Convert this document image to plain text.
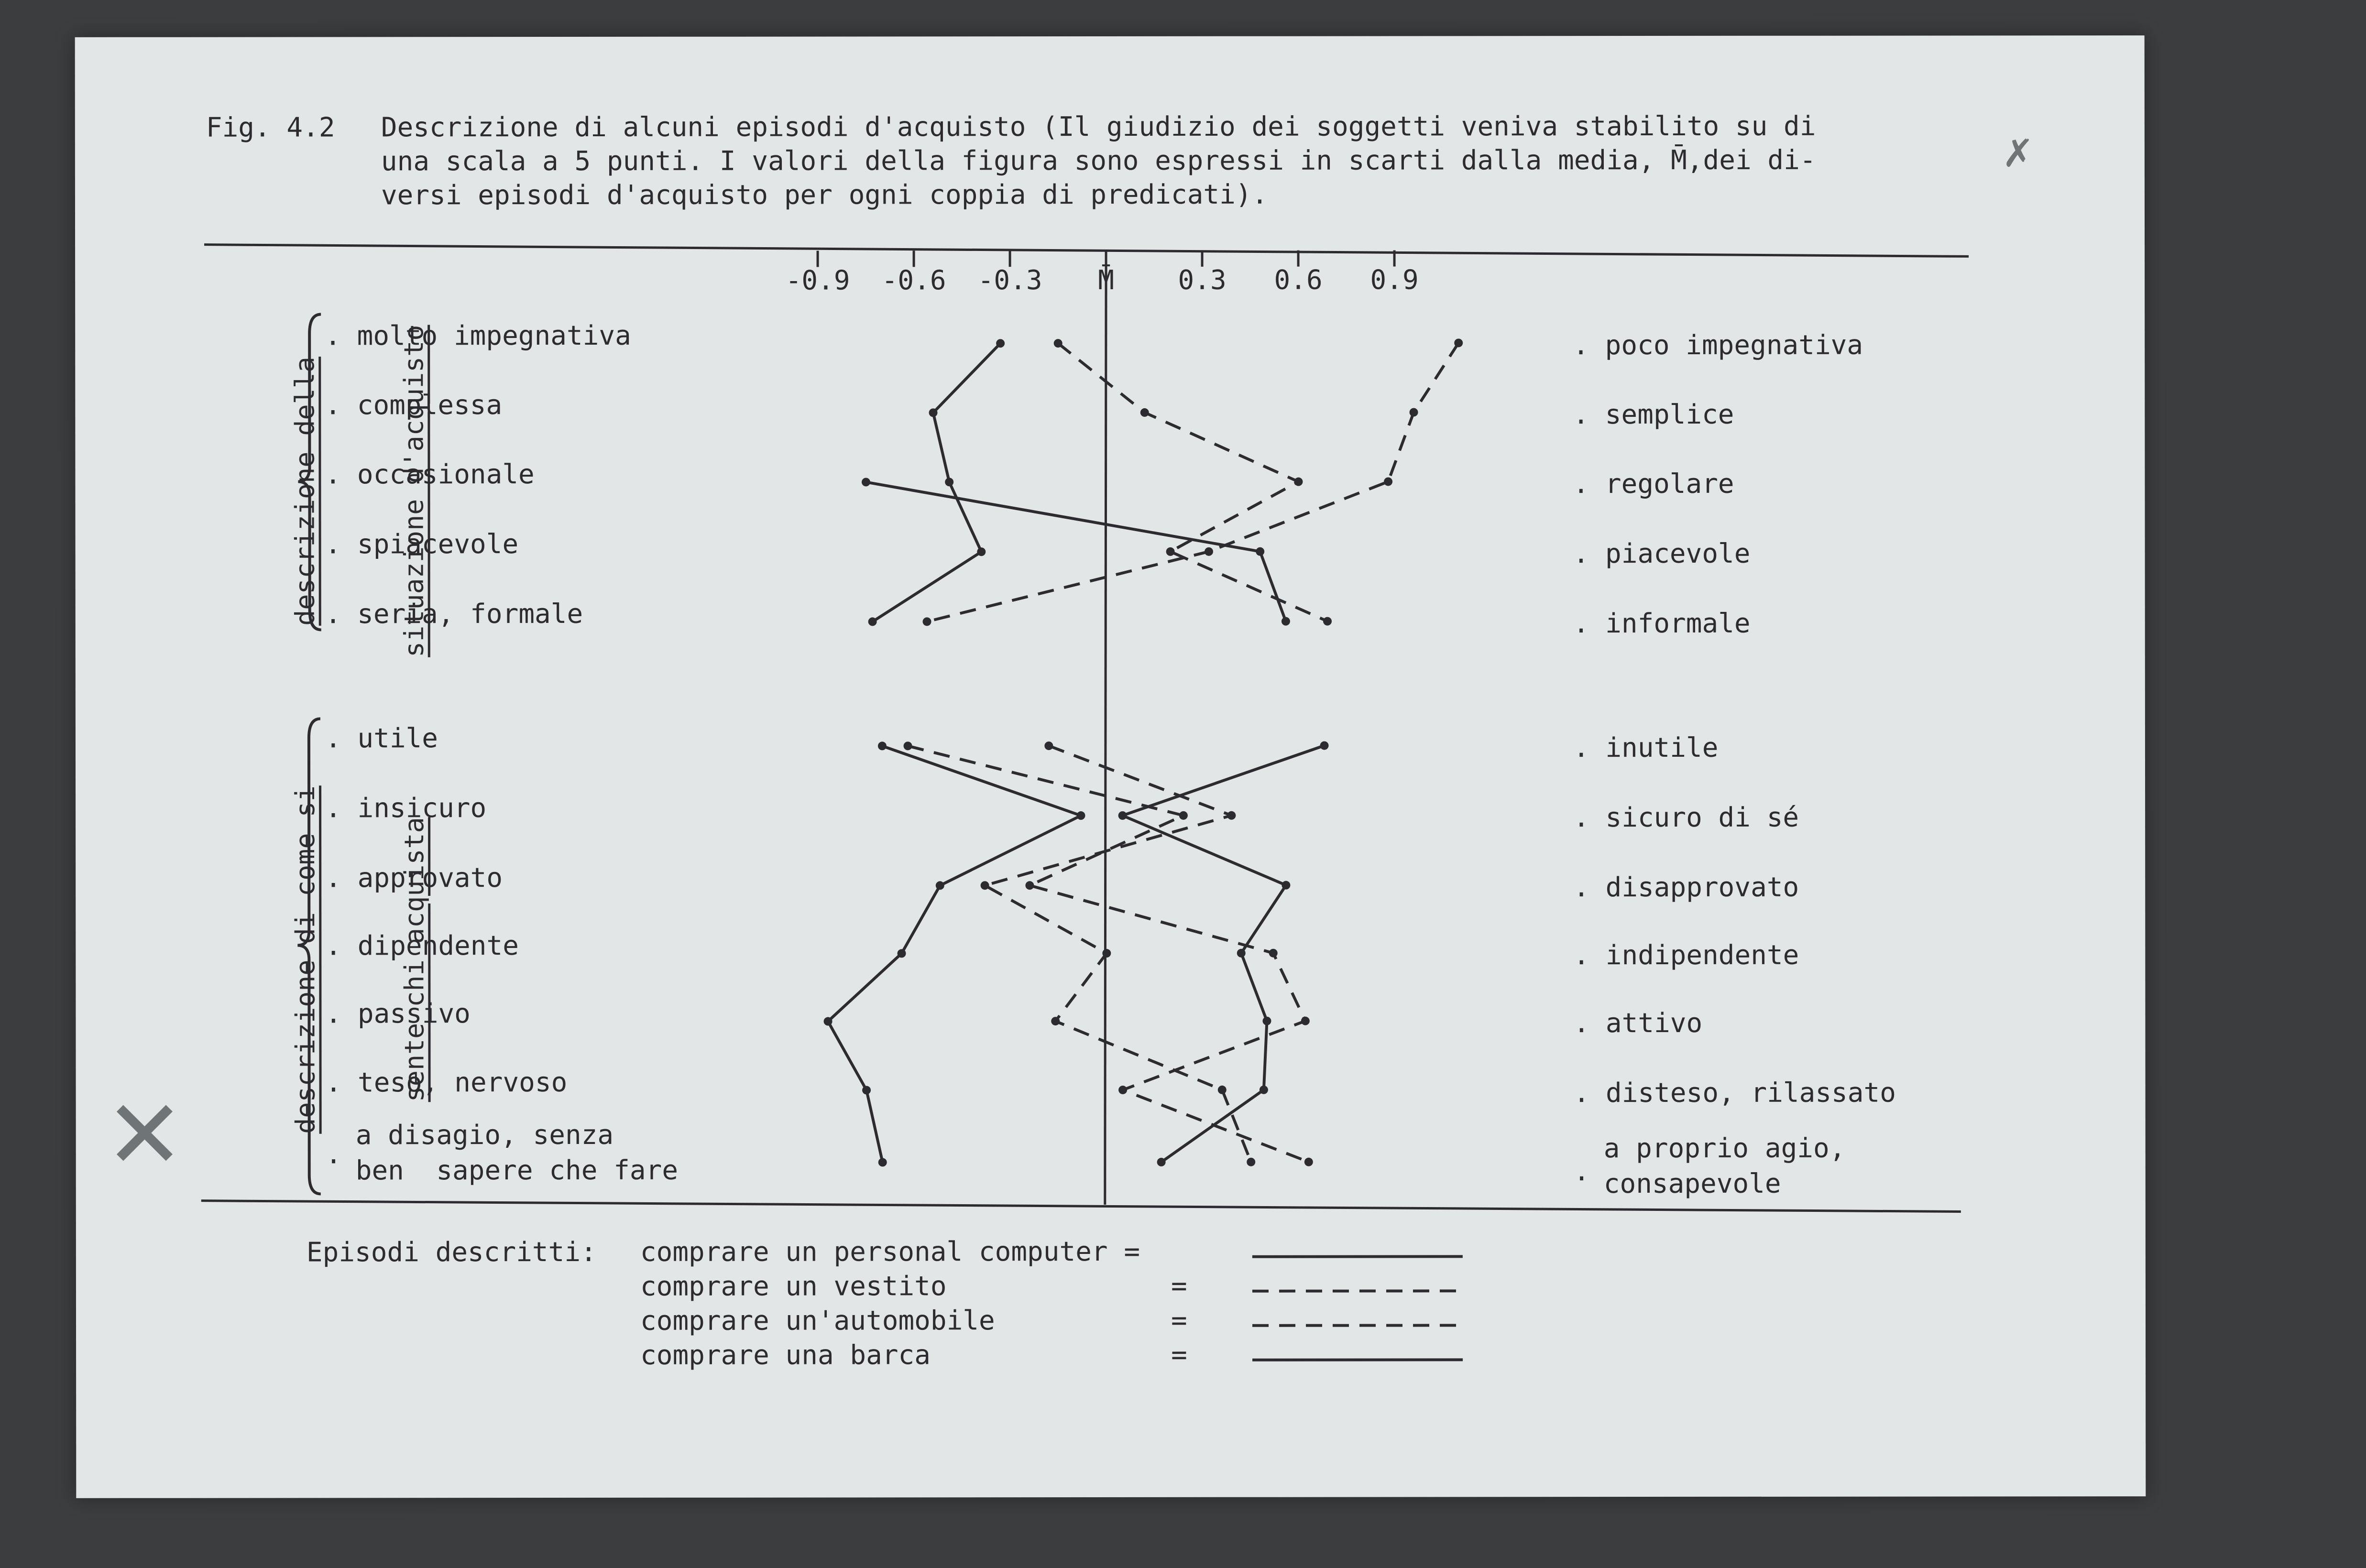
Fig. 4.2 Descrizione di alcuni episodi d'acquisto (Il giudizio dei soggetti veniva stabilito su di
una scala a 5 punti. I valori della figura sono espressi in scarti dalla media, M̄,dei di-
versi episodi d'acquisto per ogni coppia di predicati).

descrizione della

	situazione d'acquisto

descrizione di come si

	sente chi acquista

. molto impegnativa
. complessa
. occasionale
. spiacevole
. seria, formale
. utile
. insicuro
. approvato
. dipendente
. passivo
. teso, nervoso
a disagio, senza
ben  sapere che fare
.
. poco impegnativa
. semplice
. regolare
. piacevole
. informale
. inutile
. sicuro di sé
. disapprovato
. indipendente
. attivo
. disteso, rilassato
a proprio agio,
consapevole
.
Episodi descritti: comprare un personal computer =
comprare un vestito	=
comprare un'automobile	=
comprare una barca	=
✗
✕
-0.9 -0.6 -0.3 M̄ 0.3 0.6 0.9
